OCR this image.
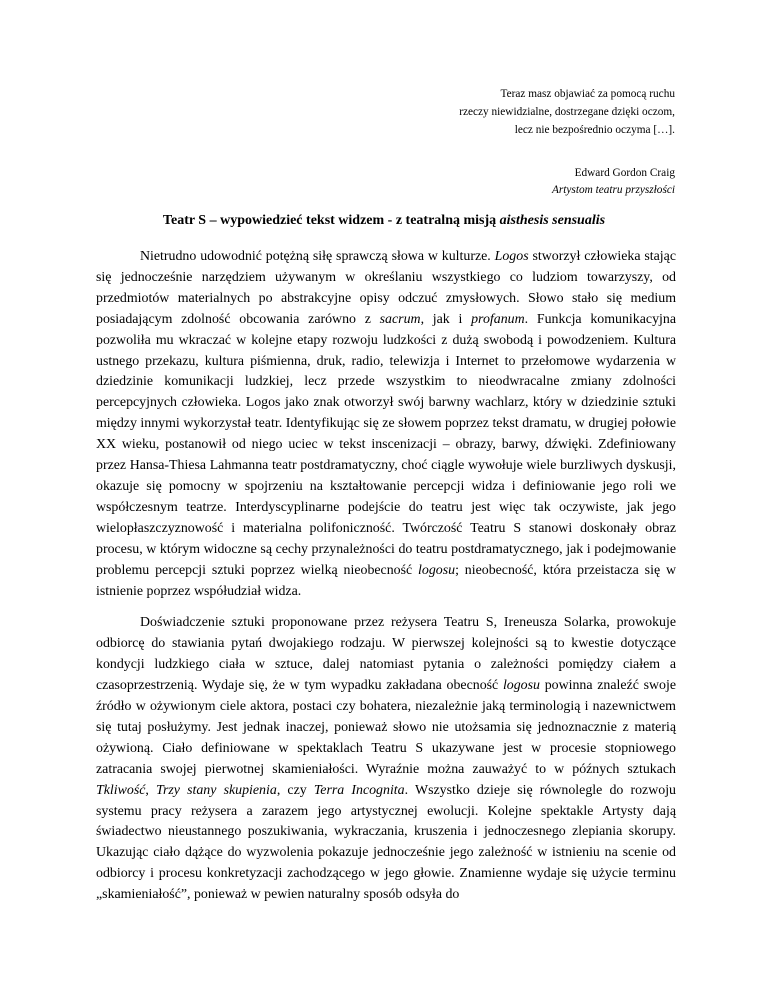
Teraz masz objawiać za pomocą ruchu

rzeczy niewidzialne, dostrzegane dzięki oczom,

lecz nie bezpośrednio oczyma […].

Edward Gordon Craig

Artystom teatru przyszłości

Teatr S – wypowiedzieć tekst widzem - z teatralną misją aisthesis sensualis

Nietrudno udowodnić potężną siłę sprawczą słowa w kulturze. Logos stworzył człowieka stając się jednocześnie narzędziem używanym w określaniu wszystkiego co ludziom towarzyszy, od przedmiotów materialnych po abstrakcyjne opisy odczuć zmysłowych. Słowo stało się medium posiadającym zdolność obcowania zarówno z sacrum, jak i profanum. Funkcja komunikacyjna pozwoliła mu wkraczać w kolejne etapy rozwoju ludzkości z dużą swobodą i powodzeniem. Kultura ustnego przekazu, kultura piśmienna, druk, radio, telewizja i Internet to przełomowe wydarzenia w dziedzinie komunikacji ludzkiej, lecz przede wszystkim to nieodwracalne zmiany zdolności percepcyjnych człowieka. Logos jako znak otworzył swój barwny wachlarz, który w dziedzinie sztuki między innymi wykorzystał teatr. Identyfikując się ze słowem poprzez tekst dramatu, w drugiej połowie XX wieku, postanowił od niego uciec w tekst inscenizacji – obrazy, barwy, dźwięki. Zdefiniowany przez Hansa-Thiesa Lahmanna teatr postdramatyczny, choć ciągle wywołuje wiele burzliwych dyskusji, okazuje się pomocny w spojrzeniu na kształtowanie percepcji widza i definiowanie jego roli we współczesnym teatrze. Interdyscyplinarne podejście do teatru jest więc tak oczywiste, jak jego wielopłaszczyznowość i materialna polifoniczność. Twórczość Teatru S stanowi doskonały obraz procesu, w którym widoczne są cechy przynależności do teatru postdramatycznego, jak i podejmowanie problemu percepcji sztuki poprzez wielką nieobecność logosu; nieobecność, która przeistacza się w istnienie poprzez współudział widza.

Doświadczenie sztuki proponowane przez reżysera Teatru S, Ireneusza Solarka, prowokuje odbiorcę do stawiania pytań dwojakiego rodzaju. W pierwszej kolejności są to kwestie dotyczące kondycji ludzkiego ciała w sztuce, dalej natomiast pytania o zależności pomiędzy ciałem a czasoprzestrzenią. Wydaje się, że w tym wypadku zakładana obecność logosu powinna znaleźć swoje źródło w ożywionym ciele aktora, postaci czy bohatera, niezależnie jaką terminologią i nazewnictwem się tutaj posłużymy. Jest jednak inaczej, ponieważ słowo nie utożsamia się jednoznacznie z materią ożywioną. Ciało definiowane w spektaklach Teatru S ukazywane jest w procesie stopniowego zatracania swojej pierwotnej skamieniałości. Wyraźnie można zauważyć to w późnych sztukach Tkliwość, Trzy stany skupienia, czy Terra Incognita. Wszystko dzieje się równolegle do rozwoju systemu pracy reżysera a zarazem jego artystycznej ewolucji. Kolejne spektakle Artysty dają świadectwo nieustannego poszukiwania, wykraczania, kruszenia i jednoczesnego zlepiania skorupy. Ukazując ciało dążące do wyzwolenia pokazuje jednocześnie jego zależność w istnieniu na scenie od odbiorcy i procesu konkretyzacji zachodzącego w jego głowie. Znamienne wydaje się użycie terminu „skamieniałość”, ponieważ w pewien naturalny sposób odsyła do
